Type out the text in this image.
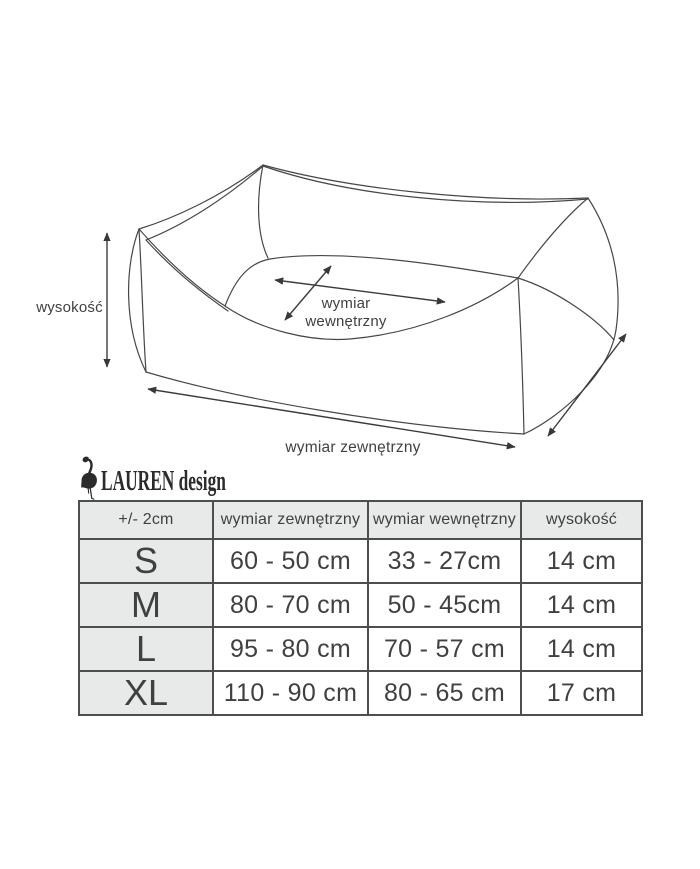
wysokość	wymiar
wewnętrzny
wymiar zewnętrzny
LAUREN design
+/- 2cm	wymiar zewnętrzny	wymiar wewnętrzny	wysokość
S	60 - 50 cm	33 - 27cm	14 cm
M	80 - 70 cm	50 - 45cm	14 cm
L	95 - 80 cm	70 - 57 cm	14 cm
XL	110 - 90 cm	80 - 65 cm	17 cm
